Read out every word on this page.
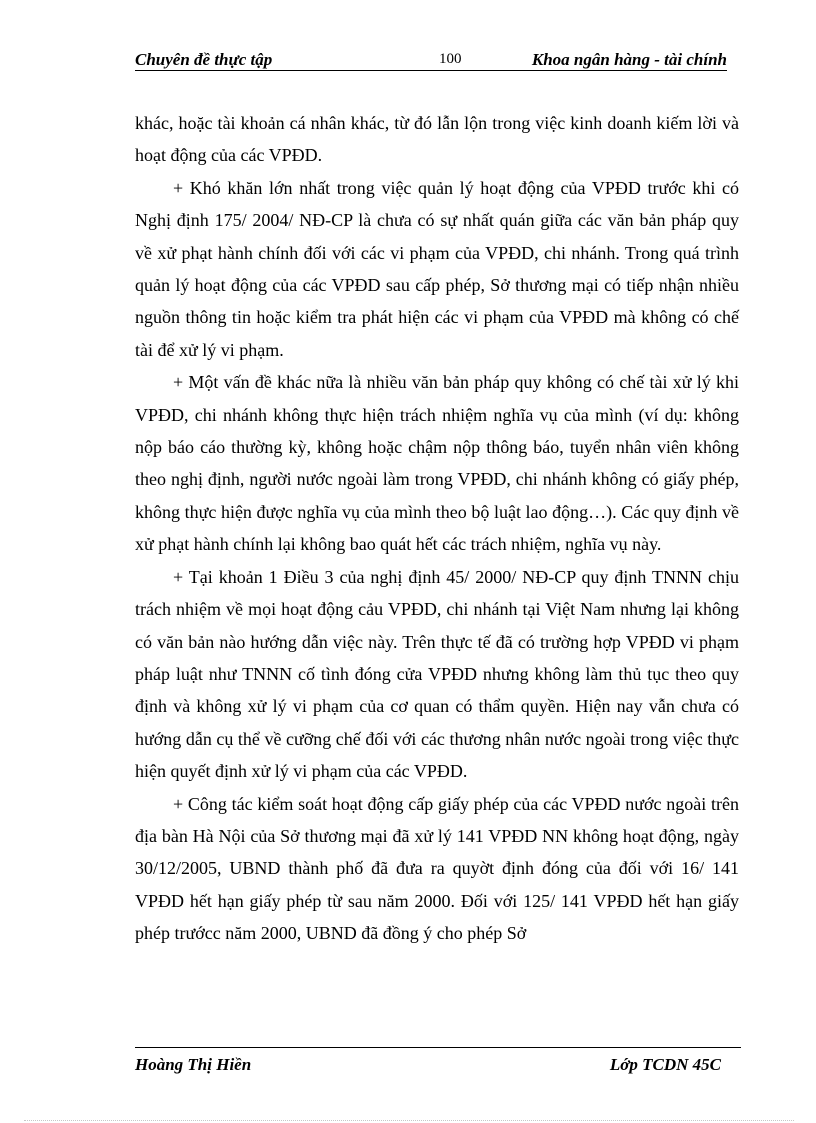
Chuyên đề thực tập	100	Khoa ngân hàng - tài chính

khác, hoặc tài khoản cá nhân khác, từ đó lẫn lộn trong việc kinh doanh kiếm lời và hoạt động của các VPĐD.

+ Khó khăn lớn nhất trong việc quản lý hoạt động của VPĐD trước khi có Nghị định 175/ 2004/ NĐ-CP là chưa có sự nhất quán giữa các văn bản pháp quy về xử phạt hành chính đối với các vi phạm của VPĐD, chi nhánh. Trong quá trình quản lý hoạt động của các VPĐD sau cấp phép, Sở thương mại có tiếp nhận nhiều nguồn thông tin hoặc kiểm tra phát hiện các vi phạm của VPĐD mà không có chế tài để xử lý vi phạm.

+ Một vấn đề khác nữa là nhiều văn bản pháp quy không có chế tài xử lý khi VPĐD, chi nhánh không thực hiện trách nhiệm nghĩa vụ của mình (ví dụ: không nộp báo cáo thường kỳ, không hoặc chậm nộp thông báo, tuyển nhân viên không theo nghị định, người nước ngoài làm trong VPĐD, chi nhánh không có giấy phép, không thực hiện được nghĩa vụ của mình theo bộ luật lao động…). Các quy định về xử phạt hành chính lại không bao quát hết các trách nhiệm, nghĩa vụ này.

+ Tại khoản 1 Điều 3 của nghị định 45/ 2000/ NĐ-CP quy định TNNN chịu trách nhiệm về mọi hoạt động cảu VPĐD, chi nhánh tại Việt Nam nhưng lại không có văn bản nào hướng dẫn việc này. Trên thực tế đã có trường hợp VPĐD vi phạm pháp luật như TNNN cố tình đóng cửa VPĐD nhưng không làm thủ tục theo quy định và không xử lý vi phạm của cơ quan có thẩm quyền. Hiện nay vẫn chưa có hướng dẫn cụ thể về cưỡng chế đối với các thương nhân nước ngoài trong việc thực hiện quyết định xử lý vi phạm của các VPĐD.

+ Công tác kiểm soát hoạt động cấp giấy phép của các VPĐD nước ngoài trên địa bàn Hà Nội của Sở thương mại đã xử lý 141 VPĐD NN không hoạt động, ngày 30/12/2005, UBND thành phố đã đưa ra quyờt định đóng của đối với 16/ 141 VPĐD hết hạn giấy phép từ sau năm 2000. Đối với 125/ 141 VPĐD hết hạn giấy phép trướcc năm 2000, UBND đã đồng ý cho phép Sở

Hoàng Thị Hiền	Lớp TCDN 45C
